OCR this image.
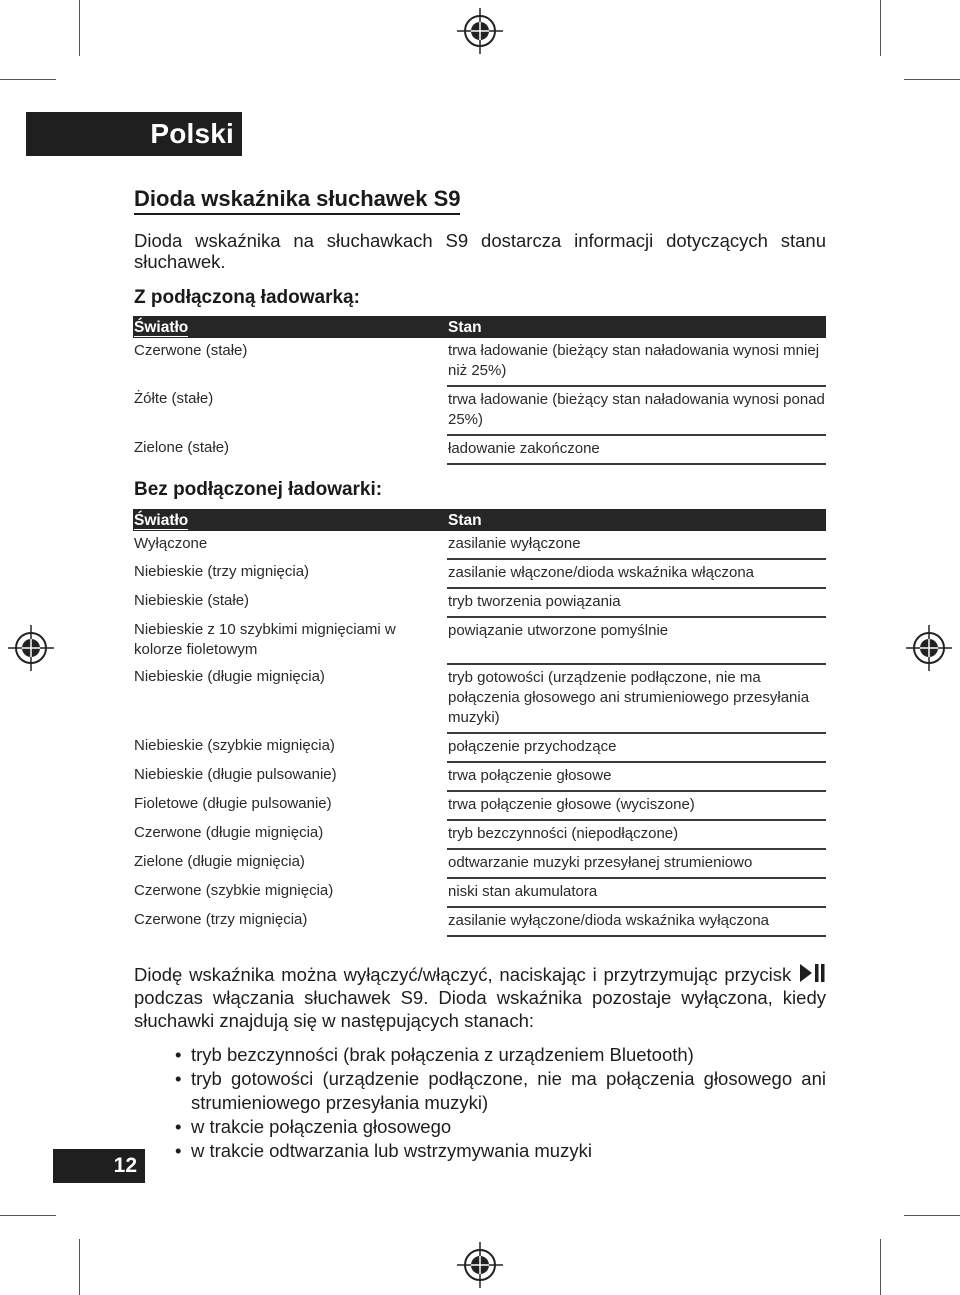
Polski
Dioda wskaźnika słuchawek S9
Dioda wskaźnika na słuchawkach S9 dostarcza informacji dotyczących stanu słuchawek.
Z podłączoną ładowarką:
Światło	Stan
Czerwone (stałe)	trwa ładowanie (bieżący stan naładowania wynosi mniej niż 25%)
Żółte (stałe)	trwa ładowanie (bieżący stan naładowania wynosi ponad 25%)
Zielone (stałe)	ładowanie zakończone
Bez podłączonej ładowarki:
Światło	Stan
Wyłączone	zasilanie wyłączone
Niebieskie (trzy mignięcia)	zasilanie włączone/dioda wskaźnika włączona
Niebieskie (stałe)	tryb tworzenia powiązania
Niebieskie z 10 szybkimi mignięciami w kolorze fioletowym	powiązanie utworzone pomyślnie
Niebieskie (długie mignięcia)	tryb gotowości (urządzenie podłączone, nie ma połączenia głosowego ani strumieniowego przesyłania muzyki)
Niebieskie (szybkie mignięcia)	połączenie przychodzące
Niebieskie (długie pulsowanie)	trwa połączenie głosowe
Fioletowe (długie pulsowanie)	trwa połączenie głosowe (wyciszone)
Czerwone (długie mignięcia)	tryb bezczynności (niepodłączone)
Zielone (długie mignięcia)	odtwarzanie muzyki przesyłanej strumieniowo
Czerwone (szybkie mignięcia)	niski stan akumulatora
Czerwone (trzy mignięcia)	zasilanie wyłączone/dioda wskaźnika wyłączona
Diodę wskaźnika można wyłączyć/włączyć, naciskając i przytrzymując przycisk  podczas włączania słuchawek S9. Dioda wskaźnika pozostaje wyłączona, kiedy słuchawki znajdują się w następujących stanach:
• tryb bezczynności (brak połączenia z urządzeniem Bluetooth)
• tryb gotowości (urządzenie podłączone, nie ma połączenia głosowego ani strumieniowego przesyłania muzyki)
• w trakcie połączenia głosowego
• w trakcie odtwarzania lub wstrzymywania muzyki
12
